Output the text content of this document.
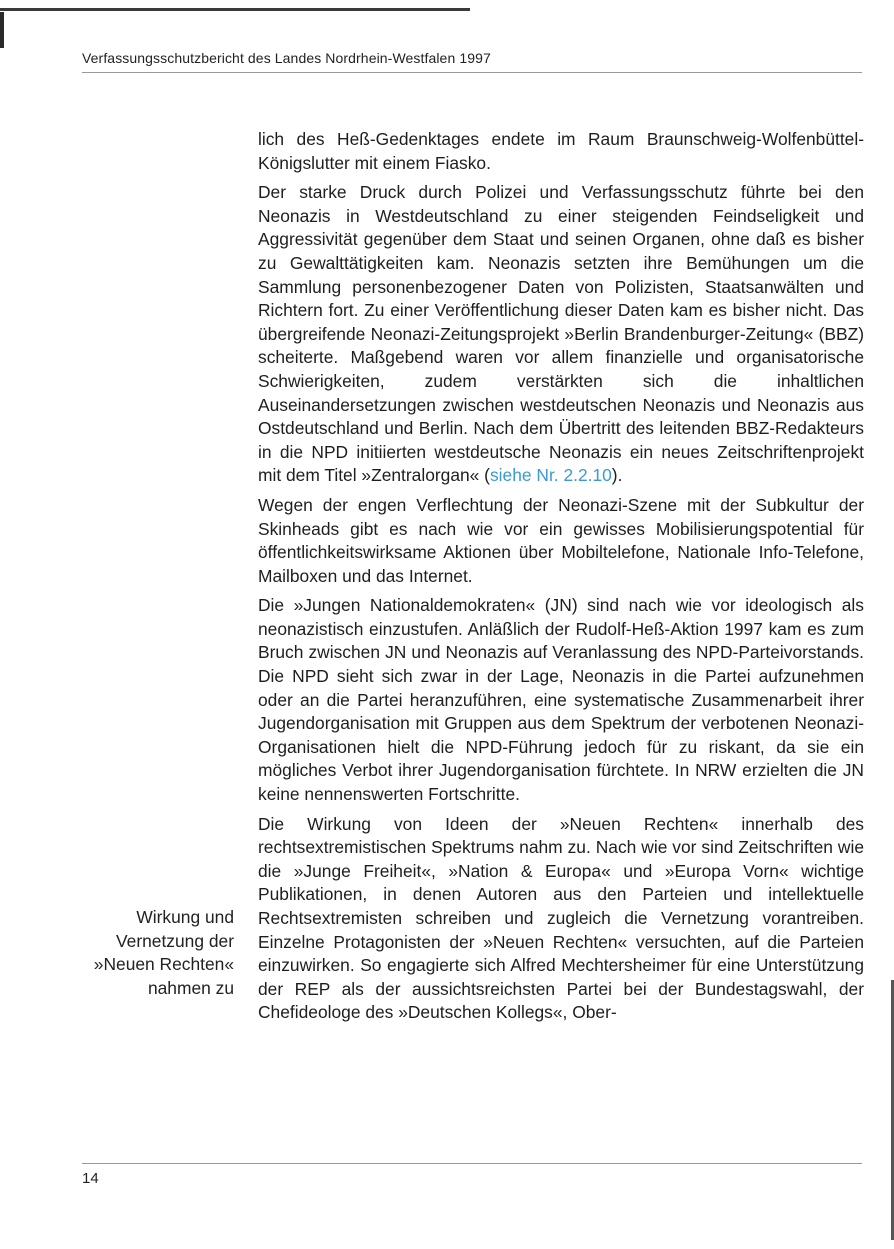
Verfassungsschutzbericht des Landes Nordrhein-Westfalen 1997
Wirkung und
Vernetzung der
»Neuen Rechten«
nahmen zu

lich des Heß-Gedenktages endete im Raum Braunschweig-Wolfenbüttel-Königslutter mit einem Fiasko.

Der starke Druck durch Polizei und Verfassungsschutz führte bei den Neonazis in Westdeutschland zu einer steigenden Feindseligkeit und Aggressivität gegenüber dem Staat und seinen Organen, ohne daß es bisher zu Gewalttätigkeiten kam. Neonazis setzten ihre Bemühungen um die Sammlung personenbezogener Daten von Polizisten, Staatsanwälten und Richtern fort. Zu einer Veröffentlichung dieser Daten kam es bisher nicht. Das übergreifende Neonazi-Zeitungsprojekt »Berlin Brandenburger-Zeitung« (BBZ) scheiterte. Maßgebend waren vor allem finanzielle und organisatorische Schwierigkeiten, zudem verstärkten sich die inhaltlichen Auseinandersetzungen zwischen westdeutschen Neonazis und Neonazis aus Ostdeutschland und Berlin. Nach dem Übertritt des leitenden BBZ-Redakteurs in die NPD initiierten westdeutsche Neonazis ein neues Zeitschriftenprojekt mit dem Titel »Zentralorgan« (siehe Nr. 2.2.10).

Wegen der engen Verflechtung der Neonazi-Szene mit der Subkultur der Skinheads gibt es nach wie vor ein gewisses Mobilisierungspotential für öffentlichkeitswirksame Aktionen über Mobiltelefone, Nationale Info-Telefone, Mailboxen und das Internet.

Die »Jungen Nationaldemokraten« (JN) sind nach wie vor ideologisch als neonazistisch einzustufen. Anläßlich der Rudolf-Heß-Aktion 1997 kam es zum Bruch zwischen JN und Neonazis auf Veranlassung des NPD-Parteivorstands. Die NPD sieht sich zwar in der Lage, Neonazis in die Partei aufzunehmen oder an die Partei heranzuführen, eine systematische Zusammenarbeit ihrer Jugendorganisation mit Gruppen aus dem Spektrum der verbotenen Neonazi-Organisationen hielt die NPD-Führung jedoch für zu riskant, da sie ein mögliches Verbot ihrer Jugendorganisation fürchtete. In NRW erzielten die JN keine nennenswerten Fortschritte.

Die Wirkung von Ideen der »Neuen Rechten« innerhalb des rechtsextremistischen Spektrums nahm zu. Nach wie vor sind Zeitschriften wie die »Junge Freiheit«, »Nation & Europa« und »Europa Vorn« wichtige Publikationen, in denen Autoren aus den Parteien und intellektuelle Rechtsextremisten schreiben und zugleich die Vernetzung vorantreiben. Einzelne Protagonisten der »Neuen Rechten« versuchten, auf die Parteien einzuwirken. So engagierte sich Alfred Mechtersheimer für eine Unterstützung der REP als der aussichtsreichsten Partei bei der Bundestagswahl, der Chefideologe des »Deutschen Kollegs«, Ober-

14
